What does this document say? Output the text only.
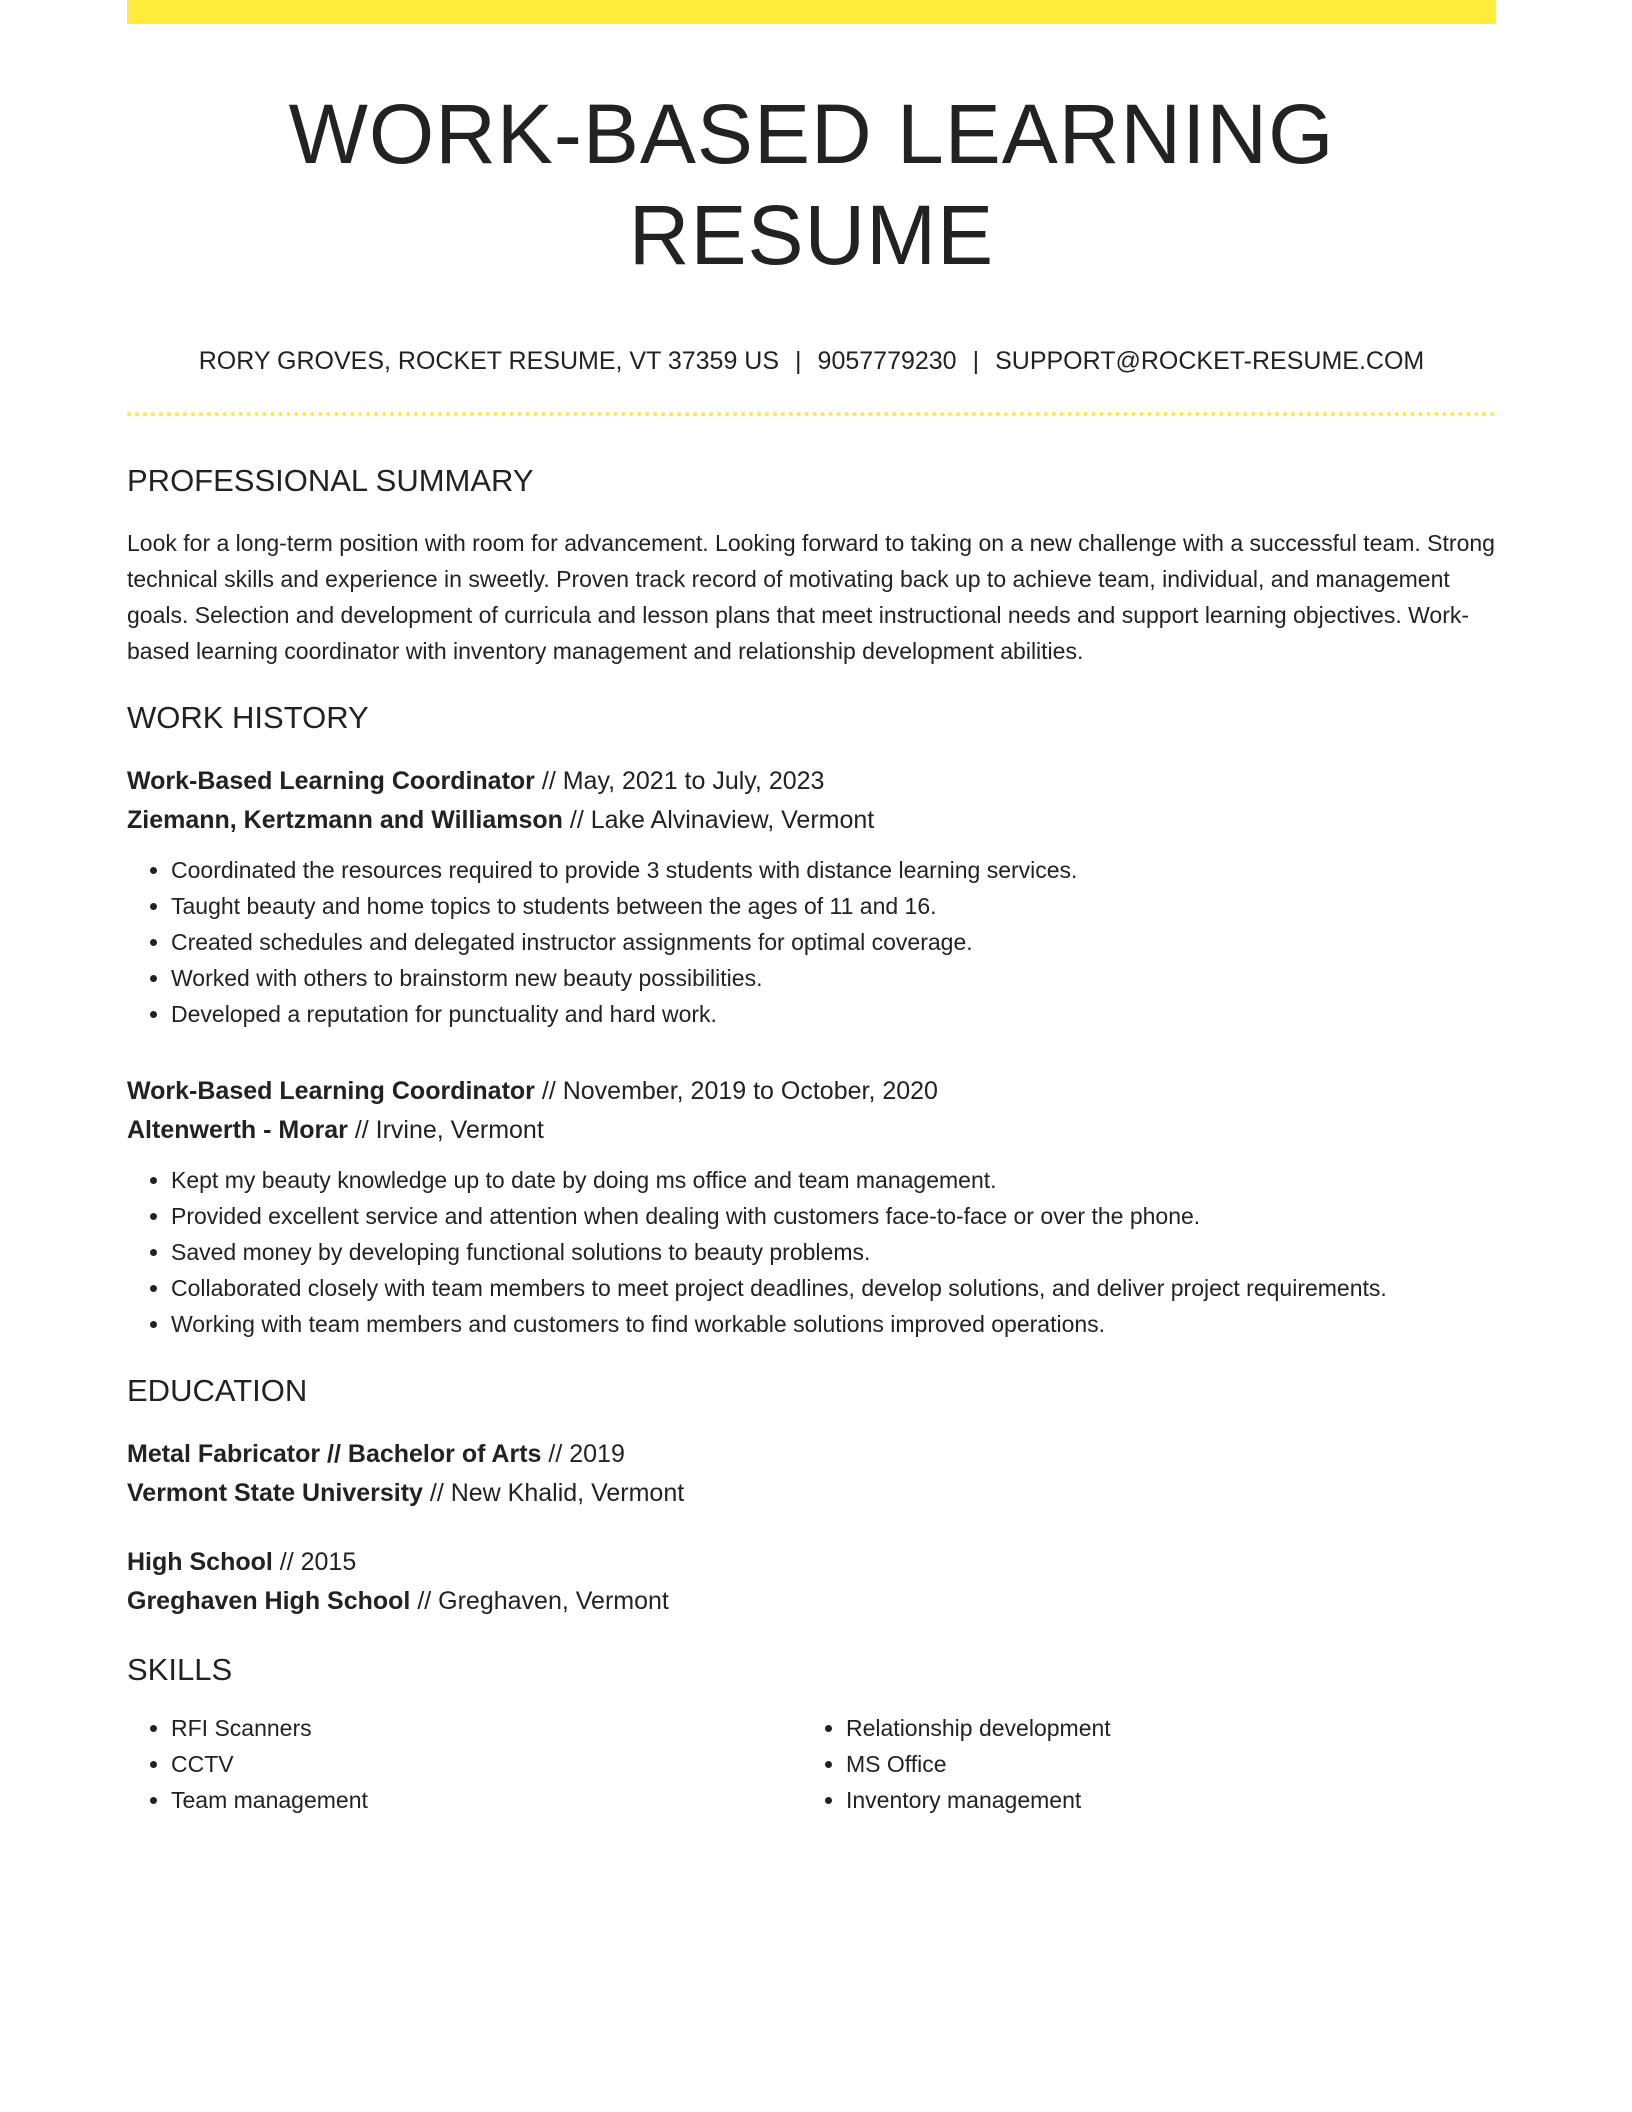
WORK-BASED LEARNING RESUME
RORY GROVES, ROCKET RESUME, VT 37359 US | 9057779230 | SUPPORT@ROCKET-RESUME.COM
PROFESSIONAL SUMMARY

Look for a long-term position with room for advancement. Looking forward to taking on a new challenge with a successful team. Strong technical skills and experience in sweetly. Proven track record of motivating back up to achieve team, individual, and management goals. Selection and development of curricula and lesson plans that meet instructional needs and support learning objectives. Work-based learning coordinator with inventory management and relationship development abilities.

WORK HISTORY
Work-Based Learning Coordinator // May, 2021 to July, 2023
Ziemann, Kertzmann and Williamson // Lake Alvinaview, Vermont
• Coordinated the resources required to provide 3 students with distance learning services.
• Taught beauty and home topics to students between the ages of 11 and 16.
• Created schedules and delegated instructor assignments for optimal coverage.
• Worked with others to brainstorm new beauty possibilities.
• Developed a reputation for punctuality and hard work.
Work-Based Learning Coordinator // November, 2019 to October, 2020
Altenwerth - Morar // Irvine, Vermont
• Kept my beauty knowledge up to date by doing ms office and team management.
• Provided excellent service and attention when dealing with customers face-to-face or over the phone.
• Saved money by developing functional solutions to beauty problems.
• Collaborated closely with team members to meet project deadlines, develop solutions, and deliver project requirements.
• Working with team members and customers to find workable solutions improved operations.
EDUCATION
Metal Fabricator // Bachelor of Arts // 2019
Vermont State University // New Khalid, Vermont
High School // 2015
Greghaven High School // Greghaven, Vermont
SKILLS
• RFI Scanners
• CCTV
• Team management
• Relationship development
• MS Office
• Inventory management
